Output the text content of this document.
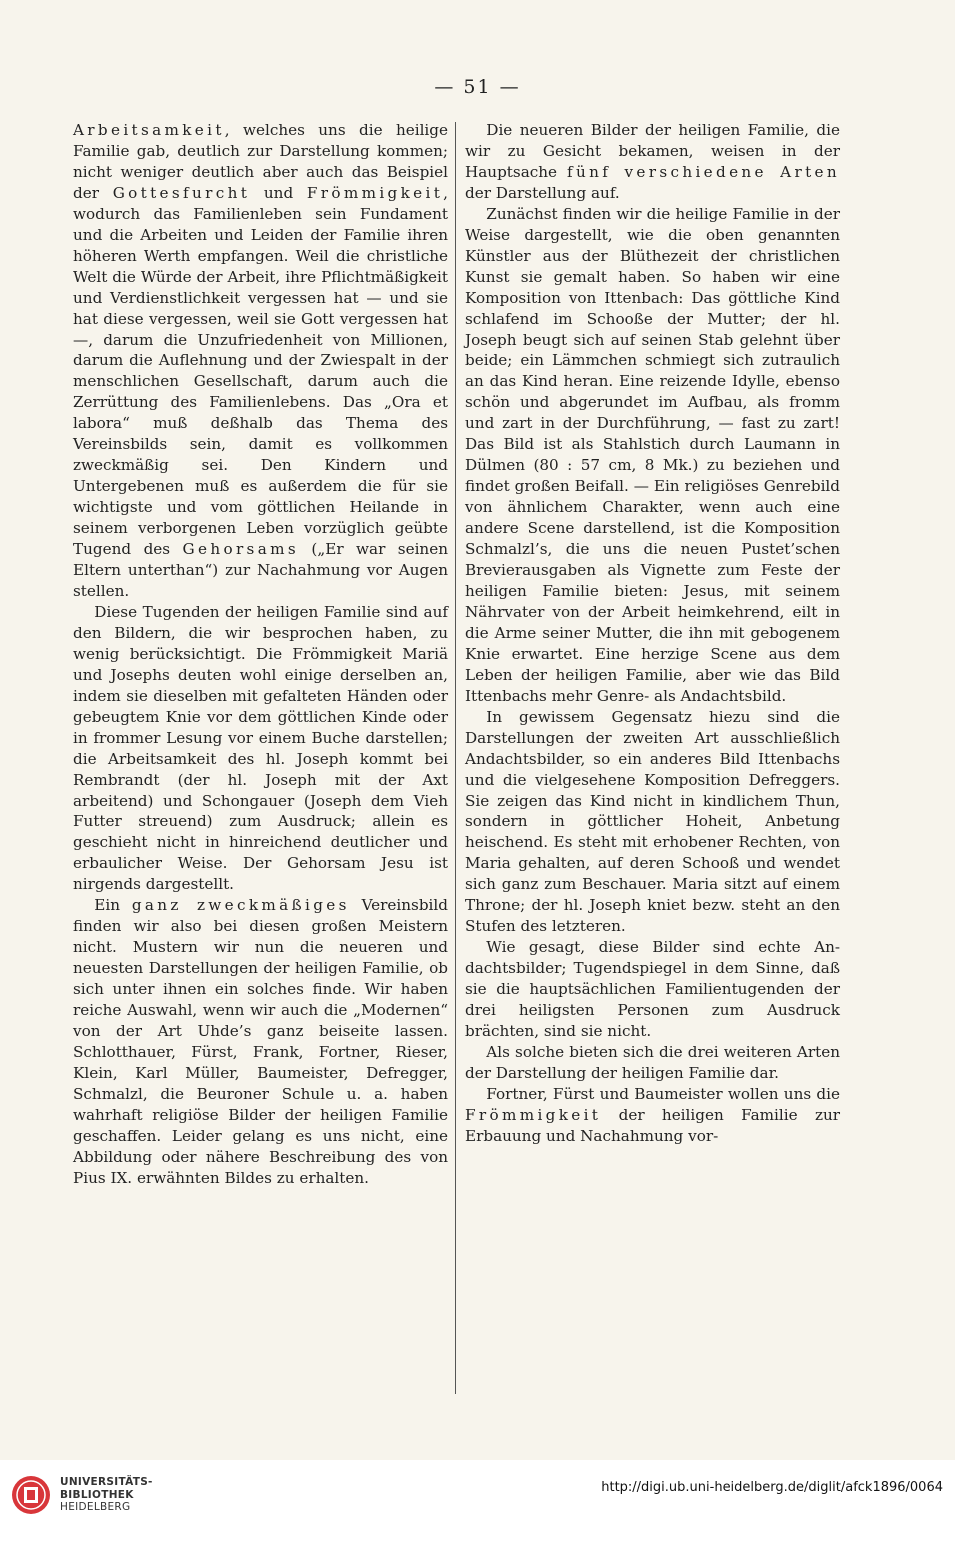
— 51 —

Arbeitsamkeit, welches uns die heilige Familie gab, deutlich zur Darstellung kommen; nicht weniger deutlich aber auch das Beispiel der Gottesfurcht und Frömmigkeit, wodurch das Familienleben sein Fundament und die Arbeiten und Leiden der Familie ihren höheren Werth empfangen. Weil die christliche Welt die Würde der Arbeit, ihre Pflichtmäßigkeit und Verdienstlichkeit vergessen hat — und sie hat diese vergessen, weil sie Gott vergessen hat —, darum die Unzufriedenheit von Millionen, darum die Auflehnung und der Zwiespalt in der menschlichen Gesellschaft, darum auch die Zerrüttung des Familienlebens. Das „Ora et labora“ muß deßhalb das Thema des Vereinsbilds sein, damit es vollkommen zweckmäßig sei. Den Kindern und Untergebenen muß es außerdem die für sie wichtigste und vom göttlichen Heilande in seinem verborgenen Leben vorzüglich geübte Tugend des Gehorsams („Er war seinen Eltern unterthan“) zur Nachahmung vor Augen stellen.

Diese Tugenden der heiligen Familie sind auf den Bildern, die wir besprochen haben, zu wenig berücksichtigt. Die Frömmigkeit Mariä und Josephs deuten wohl einige derselben an, indem sie dieselben mit gefalteten Händen oder gebeugtem Knie vor dem göttlichen Kinde oder in frommer Lesung vor einem Buche darstellen; die Arbeitsamkeit des hl. Joseph kommt bei Rembrandt (der hl. Joseph mit der Axt arbeitend) und Schongauer (Joseph dem Vieh Futter streuend) zum Ausdruck; allein es geschieht nicht in hinreichend deutlicher und erbaulicher Weise. Der Gehorsam Jesu ist nirgends dargestellt.

Ein ganz zweckmäßiges Vereinsbild finden wir also bei diesen großen Meistern nicht. Mustern wir nun die neueren und neuesten Darstellungen der heiligen Familie, ob sich unter ihnen ein solches finde. Wir haben reiche Auswahl, wenn wir auch die „Modernen“ von der Art Uhde’s ganz beiseite lassen. Schlotthauer, Fürst, Frank, Fortner, Rieser, Klein, Karl Müller, Baumeister, Defregger, Schmalzl, die Beuroner Schule u. a. haben wahrhaft religiöse Bilder der heiligen Familie geschaffen. Leider gelang es uns nicht, eine Abbildung oder nähere Beschreibung des von Pius IX. erwähnten Bildes zu erhalten.

Die neueren Bilder der heiligen Familie, die wir zu Gesicht bekamen, weisen in der Hauptsache fünf verschiedene Arten der Darstellung auf.

Zunächst finden wir die heilige Familie in der Weise dargestellt, wie die oben genannten Künstler aus der Blüthezeit der christlichen Kunst sie gemalt haben. So haben wir eine Komposition von Ittenbach: Das göttliche Kind schlafend im Schooße der Mutter; der hl. Joseph beugt sich auf seinen Stab gelehnt über beide; ein Lämmchen schmiegt sich zutraulich an das Kind heran. Eine reizende Idylle, ebenso schön und abgerundet im Aufbau, als fromm und zart in der Durchführung, — fast zu zart! Das Bild ist als Stahlstich durch Laumann in Dülmen (80 : 57 cm, 8 Mk.) zu beziehen und findet großen Beifall. — Ein religiöses Genrebild von ähnlichem Charakter, wenn auch eine andere Scene darstellend, ist die Komposition Schmalzl’s, die uns die neuen Pustet’schen Brevierausgaben als Vignette zum Feste der heiligen Familie bieten: Jesus, mit seinem Nährvater von der Arbeit heimkehrend, eilt in die Arme seiner Mutter, die ihn mit gebogenem Knie erwartet. Eine herzige Scene aus dem Leben der heiligen Familie, aber wie das Bild Ittenbachs mehr Genre- als Andachtsbild.

In gewissem Gegensatz hiezu sind die Darstellungen der zweiten Art ausschließlich Andachtsbilder, so ein anderes Bild Ittenbachs und die vielgesehene Komposition Defreggers. Sie zeigen das Kind nicht in kindlichem Thun, sondern in göttlicher Hoheit, Anbetung heischend. Es steht mit erhobener Rechten, von Maria gehalten, auf deren Schooß und wendet sich ganz zum Beschauer. Maria sitzt auf einem Throne; der hl. Joseph kniet bezw. steht an den Stufen des letzteren.

Wie gesagt, diese Bilder sind echte Andachtsbilder; Tugendspiegel in dem Sinne, daß sie die hauptsächlichen Familientugenden der drei heiligsten Personen zum Ausdruck brächten, sind sie nicht.

Als solche bieten sich die drei weiteren Arten der Darstellung der heiligen Familie dar.

Fortner, Fürst und Baumeister wollen uns die Frömmigkeit der heiligen Familie zur Erbauung und Nachahmung vor-

UNIVERSITÄTS-
BIBLIOTHEK
HEIDELBERG
http://digi.ub.uni-heidelberg.de/diglit/afck1896/0064
